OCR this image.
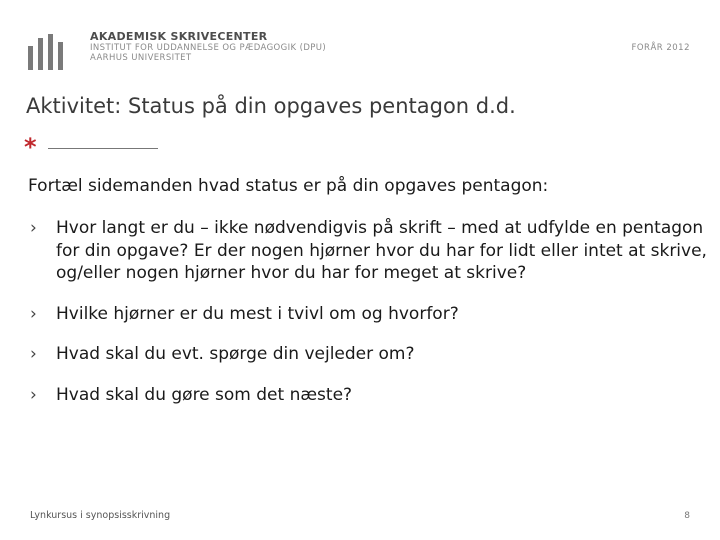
AKADEMISK SKRIVECENTER
INSTITUT FOR UDDANNELSE OG PÆDAGOGIK (DPU)
AARHUS UNIVERSITET
FORÅR 2012
Aktivitet: Status på din opgaves pentagon d.d.
*
Fortæl sidemanden hvad status er på din opgaves pentagon:
› Hvor langt er du – ikke nødvendigvis på skrift – med at udfylde en pentagon for din opgave? Er der nogen hjørner hvor du har for lidt eller intet at skrive, og/eller nogen hjørner hvor du har for meget at skrive?
› Hvilke hjørner er du mest i tvivl om og hvorfor?
› Hvad skal du evt. spørge din vejleder om?
› Hvad skal du gøre som det næste?
Lynkursus i synopsisskrivning	8
